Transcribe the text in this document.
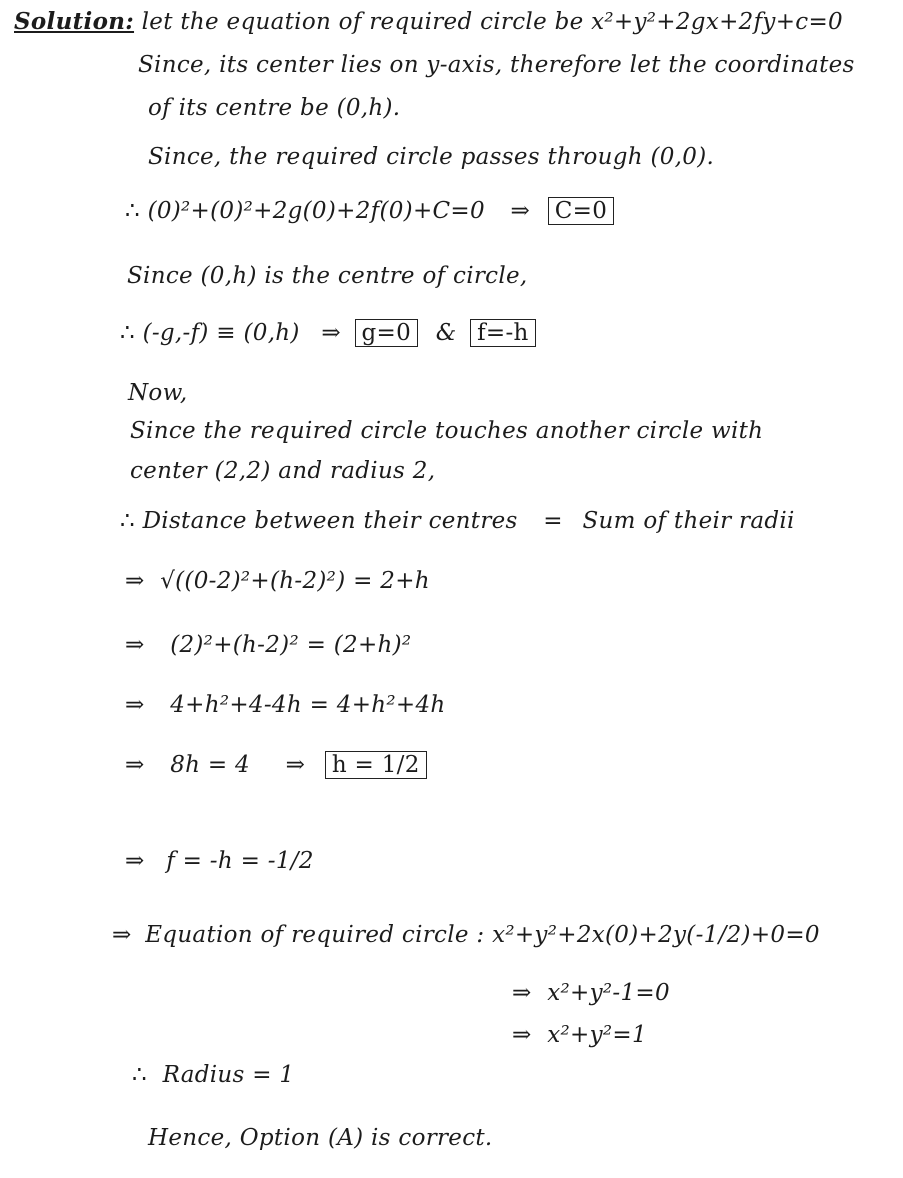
Solution: let the equation of required circle be x²+y²+2gx+2fy+c=0
Since, its center lies on y-axis, therefore let the coordinates
of its centre be (0,h).
Since, the required circle passes through (0,0).
∴ (0)²+(0)²+2g(0)+2f(0)+C=0 ⇒ C=0
Since (0,h) is the centre of circle,
∴ (-g,-f) ≡ (0,h) ⇒ g=0 & f=-h
Now,
Since the required circle touches another circle with
center (2,2) and radius 2,
∴ Distance between their centres = Sum of their radii
⇒ √((0-2)²+(h-2)²) = 2+h
⇒ (2)²+(h-2)² = (2+h)²
⇒ 4+h²+4-4h = 4+h²+4h
⇒ 8h = 4 ⇒ h = 1/2
⇒ f = -h = -1/2
⇒ Equation of required circle : x²+y²+2x(0)+2y(-1/2)+0=0
⇒ x²+y²-1=0
⇒ x²+y²=1
∴ Radius = 1
Hence, Option (A) is correct.
